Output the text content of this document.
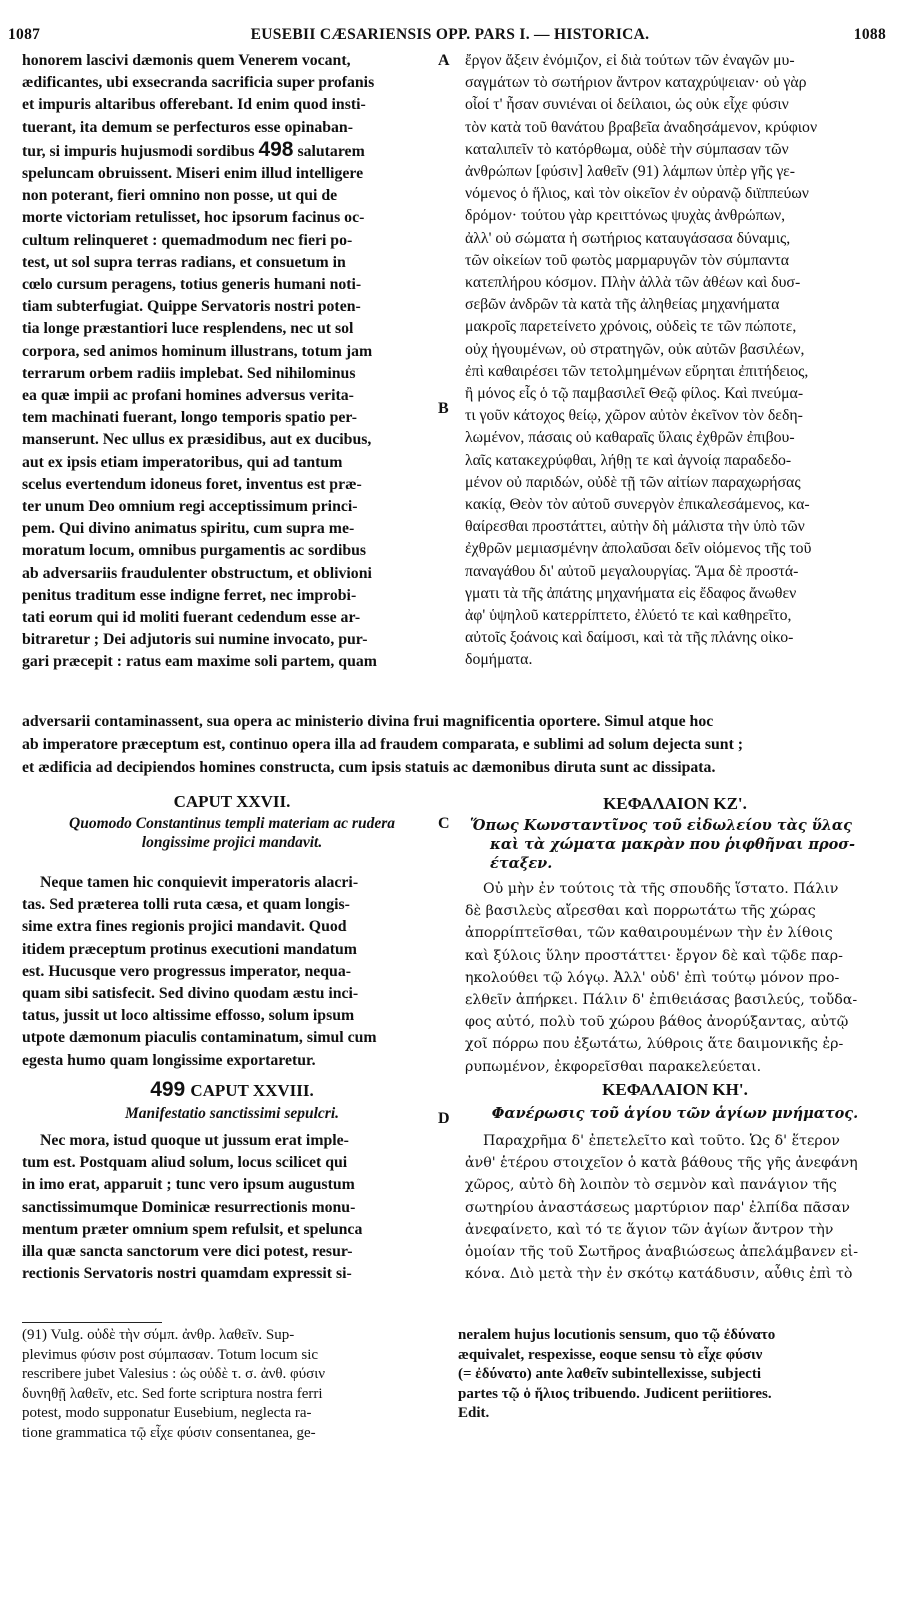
1087	EUSEBII CÆSARIENSIS OPP. PARS I. — HISTORICA.	1088
honorem lascivi dæmonis quem Venerem vocant,
ædificantes, ubi exsecranda sacrificia super profanis
et impuris altaribus offerebant. Id enim quod insti-
tuerant, ita demum se perfecturos esse opinaban-
tur, si impuris hujusmodi sordibus 498 salutarem
speluncam obruissent. Miseri enim illud intelligere
non poterant, fieri omnino non posse, ut qui de
morte victoriam retulisset, hoc ipsorum facinus oc-
cultum relinqueret : quemadmodum nec fieri po-
test, ut sol supra terras radians, et consuetum in
cœlo cursum peragens, totius generis humani noti-
tiam subterfugiat. Quippe Servatoris nostri poten-
tia longe præstantiori luce resplendens, nec ut sol
corpora, sed animos hominum illustrans, totum jam
terrarum orbem radiis implebat. Sed nihilominus
ea quæ impii ac profani homines adversus verita-
tem machinati fuerant, longo temporis spatio per-
manserunt. Nec ullus ex præsidibus, aut ex ducibus,
aut ex ipsis etiam imperatoribus, qui ad tantum
scelus evertendum idoneus foret, inventus est præ-
ter unum Deo omnium regi acceptissimum princi-
pem. Qui divino animatus spiritu, cum supra me-
moratum locum, omnibus purgamentis ac sordibus
ab adversariis fraudulenter obstructum, et oblivioni
penitus traditum esse indigne ferret, nec improbi-
tati eorum qui id moliti fuerant cedendum esse ar-
bitraretur ; Dei adjutoris sui numine invocato, pur-
gari præcepit : ratus eam maxime soli partem, quam
ἔργον ἄξειν ἐνόμιζον, εἰ διὰ τούτων τῶν ἐναγῶν μυ-
σαγμάτων τὸ σωτήριον ἄντρον καταχρύψειαν· οὐ γὰρ
οἷοί τ' ἦσαν συνιέναι οἱ δείλαιοι, ὡς οὐκ εἶχε φύσιν
τὸν κατὰ τοῦ θανάτου βραβεῖα ἀναδησάμενον, κρύφιον
καταλιπεῖν τὸ κατόρθωμα, οὐδὲ τὴν σύμπασαν τῶν
ἀνθρώπων [φύσιν] λαθεῖν (91) λάμπων ὑπὲρ γῆς γε-
νόμενος ὁ ἥλιος, καὶ τὸν οἰκεῖον ἐν οὐρανῷ διϊππεύων
δρόμον· τούτου γὰρ κρειττόνως ψυχὰς ἀνθρώπων,
ἀλλ' οὐ σώματα ἡ σωτήριος καταυγάσασα δύναμις,
τῶν οἰκείων τοῦ φωτὸς μαρμαρυγῶν τὸν σύμπαντα
κατεπλήρου κόσμον. Πλὴν ἀλλὰ τῶν ἀθέων καὶ δυσ-
σεβῶν ἀνδρῶν τὰ κατὰ τῆς ἀληθείας μηχανήματα
μακροῖς παρετείνετο χρόνοις, οὐδεὶς τε τῶν πώποτε,
οὐχ ἡγουμένων, οὐ στρατηγῶν, οὐκ αὐτῶν βασιλέων,
ἐπὶ καθαιρέσει τῶν τετολμημένων εὕρηται ἐπιτήδειος,
ἢ μόνος εἷς ὁ τῷ παμβασιλεῖ Θεῷ φίλος. Καὶ πνεύμα-
τι γοῦν κάτοχος θείῳ, χῶρον αὐτὸν ἐκεῖνον τὸν δεδη-
λωμένον, πάσαις οὐ καθαραῖς ὕλαις ἐχθρῶν ἐπιβου-
λαῖς κατακεχρύφθαι, λήθῃ τε καὶ ἀγνοίᾳ παραδεδο-
μένον οὐ παριδών, οὐδὲ τῇ τῶν αἰτίων παραχωρήσας
κακίᾳ, Θεὸν τὸν αὐτοῦ συνεργὸν ἐπικαλεσάμενος, κα-
θαίρεσθαι προστάττει, αὐτὴν δὴ μάλιστα τὴν ὑπὸ τῶν
ἐχθρῶν μεμιασμένην ἀπολαῦσαι δεῖν οἰόμενος τῆς τοῦ
παναγάθου δι' αὐτοῦ μεγαλουργίας. Ἅμα δὲ προστά-
γματι τὰ τῆς ἀπάτης μηχανήματα εἰς ἔδαφος ἄνωθεν
ἀφ' ὑψηλοῦ κατερρίπτετο, ἐλύετό τε καὶ καθηρεῖτο,
αὐτοῖς ξοάνοις καὶ δαίμοσι, καὶ τὰ τῆς πλάνης οἰκο-
δομήματα.
A
B
adversarii contaminassent, sua opera ac ministerio divina frui magnificentia oportere. Simul atque hoc
ab imperatore præceptum est, continuo opera illa ad fraudem comparata, e sublimi ad solum dejecta sunt ;
et ædificia ad decipiendos homines constructa, cum ipsis statuis ac dæmonibus diruta sunt ac dissipata.
CAPUT XXVII.
Quomodo Constantinus templi materiam ac rudera
longissime projici mandavit.
Neque tamen hic conquievit imperatoris alacri-
tas. Sed præterea tolli ruta cæsa, et quam longis-
sime extra fines regionis projici mandavit. Quod
itidem præceptum protinus executioni mandatum
est. Hucusque vero progressus imperator, nequa-
quam sibi satisfecit. Sed divino quodam æstu inci-
tatus, jussit ut loco altissime effosso, solum ipsum
utpote dæmonum piaculis contaminatum, simul cum
egesta humo quam longissime exportaretur.
499 CAPUT XXVIII.
Manifestatio sanctissimi sepulcri.
Nec mora, istud quoque ut jussum erat imple-
tum est. Postquam aliud solum, locus scilicet qui
in imo erat, apparuit ; tunc vero ipsum augustum
sanctissimumque Dominicæ resurrectionis monu-
mentum præter omnium spem refulsit, et spelunca
illa quæ sancta sanctorum vere dici potest, resur-
rectionis Servatoris nostri quamdam expressit si-
C
D
ΚΕΦΑΛΑΙΟΝ ΚΖ'.
Ὅπως Κωνσταντῖνος τοῦ εἰδωλείου τὰς ὕλας
καὶ τὰ χώματα μακρὰν που ῥιφθῆναι προσ-
έταξεν.
Οὐ μὴν ἐν τούτοις τὰ τῆς σπουδῆς ἵστατο. Πάλιν
δὲ βασιλεὺς αἴρεσθαι καὶ πορρωτάτω τῆς χώρας
ἀπορρίπτεῖσθαι, τῶν καθαιρουμένων τὴν ἐν λίθοις
καὶ ξύλοις ὕλην προστάττει· ἔργον δὲ καὶ τῷδε παρ-
ηκολούθει τῷ λόγῳ. Ἀλλ' οὐδ' ἐπὶ τούτῳ μόνον προ-
ελθεῖν ἀπήρκει. Πάλιν δ' ἐπιθειάσας βασιλεύς, τοὔδα-
φος αὐτό, πολὺ τοῦ χώρου βάθος ἀνορύξαντας, αὐτῷ
χοῖ πόρρω που ἐξωτάτω, λύθροις ἅτε δαιμονικῆς ἐρ-
ρυπωμένον, ἐκφορεῖσθαι παρακελεύεται.
ΚΕΦΑΛΑΙΟΝ ΚΗ'.
Φανέρωσις τοῦ ἁγίου τῶν ἁγίων μνήματος.
Παραχρῆμα δ' ἐπετελεῖτο καὶ τοῦτο. Ὡς δ' ἕτερον
ἀνθ' ἑτέρου στοιχεῖον ὁ κατὰ βάθους τῆς γῆς ἀνεφάνη
χῶρος, αὐτὸ δὴ λοιπὸν τὸ σεμνὸν καὶ πανάγιον τῆς
σωτηρίου ἀναστάσεως μαρτύριον παρ' ἐλπίδα πᾶσαν
ἀνεφαίνετο, καὶ τό τε ἅγιον τῶν ἁγίων ἄντρον τὴν
ὁμοίαν τῆς τοῦ Σωτῆρος ἀναβιώσεως ἀπελάμβανεν εἰ-
κόνα. Διὸ μετὰ τὴν ἐν σκότῳ κατάδυσιν, αὖθις ἐπὶ τὸ
(91) Vulg. οὐδὲ τὴν σύμπ. ἀνθρ. λαθεῖν. Sup-
plevimus φύσιν post σύμπασαν. Totum locum sic
rescribere jubet Valesius : ὡς οὐδὲ τ. σ. ἀνθ. φύσιν
δυνηθῇ λαθεῖν, etc. Sed forte scriptura nostra ferri
potest, modo supponatur Eusebium, neglecta ra-
tione grammatica τῷ εἶχε φύσιν consentanea, ge-
neralem hujus locutionis sensum, quo τῷ ἐδύνατο
æquivalet, respexisse, eoque sensu τὸ εἶχε φύσιν
(= ἐδύνατο) ante λαθεῖν subintellexisse, subjecti
partes τῷ ὁ ἥλιος tribuendo. Judicent periitiores.
Edit.
